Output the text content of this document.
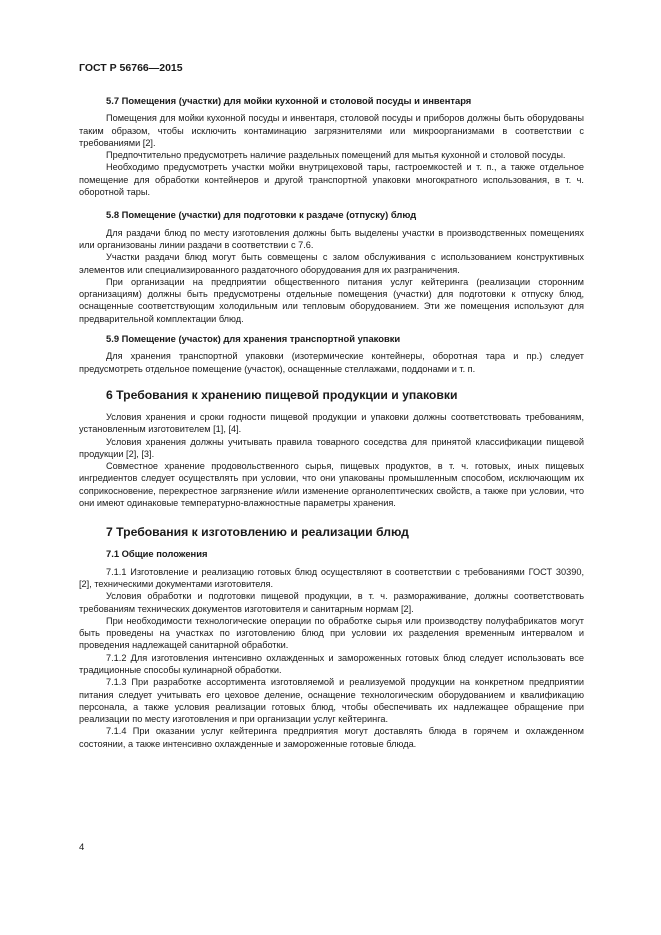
ГОСТ Р 56766—2015
5.7 Помещения (участки) для мойки кухонной и столовой посуды и инвентаря

Помещения для мойки кухонной посуды и инвентаря, столовой посуды и приборов должны быть оборудованы таким образом, чтобы исключить контаминацию загрязнителями или микроорганизмами в соответствии с требованиями [2].

Предпочтительно предусмотреть наличие раздельных помещений для мытья кухонной и столовой посуды.

Необходимо предусмотреть участки мойки внутрицеховой тары, гастроемкостей и т. п., а также отдельное помещение для обработки контейнеров и другой транспортной упаковки многократного использования, в т. ч. оборотной тары.

5.8 Помещение (участки) для подготовки к раздаче (отпуску) блюд

Для раздачи блюд по месту изготовления должны быть выделены участки в производственных помещениях или организованы линии раздачи в соответствии с 7.6.

Участки раздачи блюд могут быть совмещены с залом обслуживания с использованием конструктивных элементов или специализированного раздаточного оборудования для их разграничения.

При организации на предприятии общественного питания услуг кейтеринга (реализации сторонним организациям) должны быть предусмотрены отдельные помещения (участки) для подготовки к отпуску блюд, оснащенные соответствующим холодильным или тепловым оборудованием. Эти же помещения используют для предварительной комплектации блюд.

5.9 Помещение (участок) для хранения транспортной упаковки

Для хранения транспортной упаковки (изотермические контейнеры, оборотная тара и пр.) следует предусмотреть отдельное помещение (участок), оснащенные стеллажами, поддонами и т. п.

6 Требования к хранению пищевой продукции и упаковки

Условия хранения и сроки годности пищевой продукции и упаковки должны соответствовать требованиям, установленным изготовителем [1], [4].

Условия хранения должны учитывать правила товарного соседства для принятой классификации пищевой продукции [2], [3].

Совместное хранение продовольственного сырья, пищевых продуктов, в т. ч. готовых, иных пищевых ингредиентов следует осуществлять при условии, что они упакованы промышленным способом, исключающим их соприкосновение, перекрестное загрязнение и/или изменение органолептических свойств, а также при условии, что они имеют одинаковые температурно-влажностные параметры хранения.

7 Требования к изготовлению и реализации блюд
7.1 Общие положения

7.1.1 Изготовление и реализацию готовых блюд осуществляют в соответствии с требованиями ГОСТ 30390, [2], техническими документами изготовителя.

Условия обработки и подготовки пищевой продукции, в т. ч. размораживание, должны соответствовать требованиям технических документов изготовителя и санитарным нормам [2].

При необходимости технологические операции по обработке сырья или производству полуфабрикатов могут быть проведены на участках по изготовлению блюд при условии их разделения временным интервалом и проведения надлежащей санитарной обработки.

7.1.2 Для изготовления интенсивно охлажденных и замороженных готовых блюд следует использовать все традиционные способы кулинарной обработки.

7.1.3 При разработке ассортимента изготовляемой и реализуемой продукции на конкретном предприятии питания следует учитывать его цеховое деление, оснащение технологическим оборудованием и квалификацию персонала, а также условия реализации готовых блюд, чтобы обеспечивать их надлежащее обращение при реализации по месту изготовления и при организации услуг кейтеринга.

7.1.4 При оказании услуг кейтеринга предприятия могут доставлять блюда в горячем и охлажденном состоянии, а также интенсивно охлажденные и замороженные готовые блюда.

4
